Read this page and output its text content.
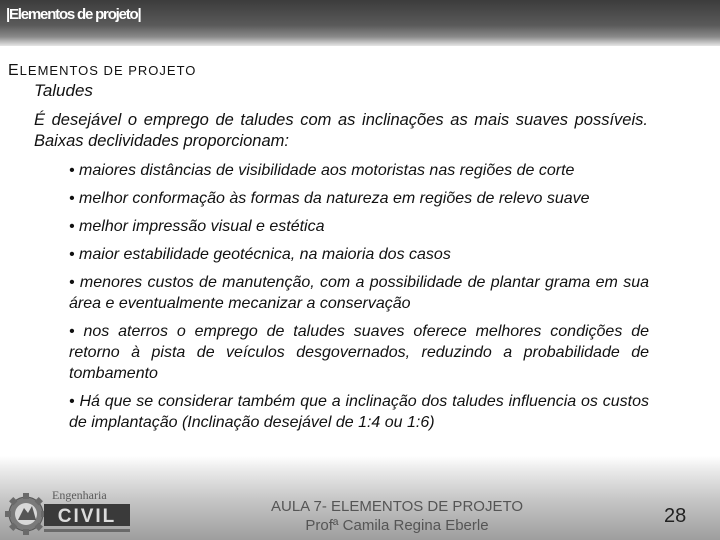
|Elementos de projeto|
ELEMENTOS DE PROJETO
Taludes
É desejável o emprego de taludes com as inclinações as mais suaves possíveis. Baixas declividades proporcionam:
• maiores distâncias de visibilidade aos motoristas nas regiões de corte
• melhor conformação às formas da natureza em regiões de relevo suave
• melhor impressão visual e estética
• maior estabilidade geotécnica, na maioria dos casos
• menores custos de manutenção, com a possibilidade de plantar grama em sua área e eventualmente mecanizar a conservação
• nos aterros o emprego de taludes suaves oferece melhores condições de retorno à pista de veículos desgovernados, reduzindo a probabilidade de tombamento
• Há que se considerar também que a inclinação dos taludes influencia os custos de implantação (Inclinação desejável de 1:4 ou 1:6)
Engenharia
CIVIL	AULA 7- ELEMENTOS DE PROJETO
Profª Camila Regina Eberle	28
